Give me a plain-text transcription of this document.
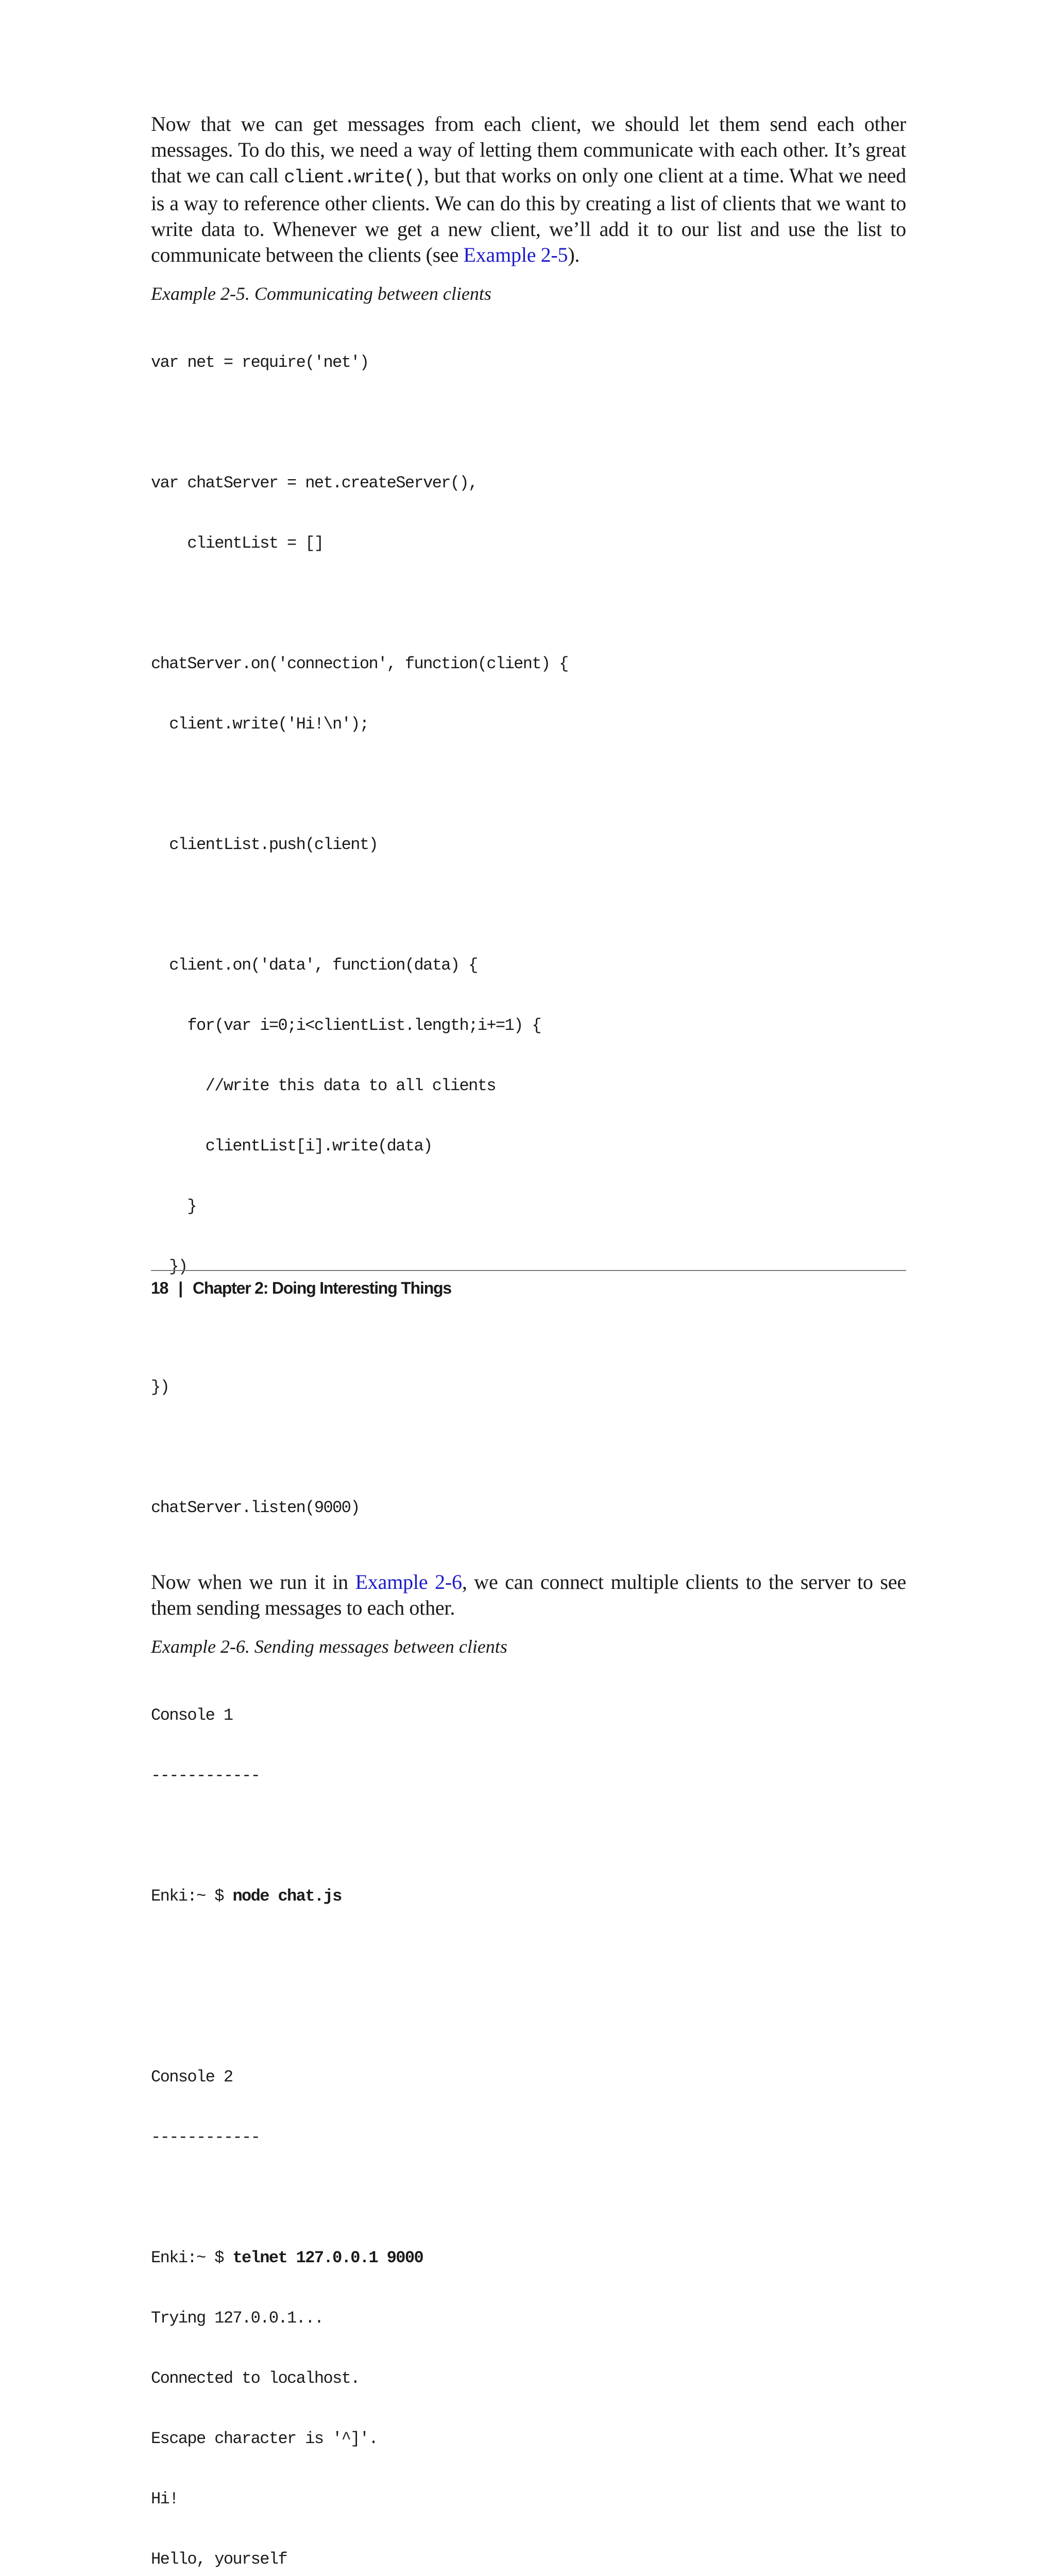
Now that we can get messages from each client, we should let them send each other messages. To do this, we need a way of letting them communicate with each other. It’s great that we can call client.write(), but that works on only one client at a time. What we need is a way to reference other clients. We can do this by creating a list of clients that we want to write data to. Whenever we get a new client, we’ll add it to our list and use the list to communicate between the clients (see Example 2-5).

Example 2-5. Communicating between clients

var net = require('net')

var chatServer = net.createServer(),

clientList = []

chatServer.on('connection', function(client) {

client.write('Hi!\n');

clientList.push(client)

client.on('data', function(data) {

for(var i=0;i<clientList.length;i+=1) {

//write this data to all clients

clientList[i].write(data)

}

})

})

chatServer.listen(9000)

Now when we run it in Example 2-6, we can connect multiple clients to the server to see them sending messages to each other.

Example 2-6. Sending messages between clients

Console 1

------------

Enki:~ $ node chat.js

Console 2

------------

Enki:~ $ telnet 127.0.0.1 9000

Trying 127.0.0.1...

Connected to localhost.

Escape character is '^]'.

Hi!

Hello, yourself

18 | Chapter 2: Doing Interesting Things
